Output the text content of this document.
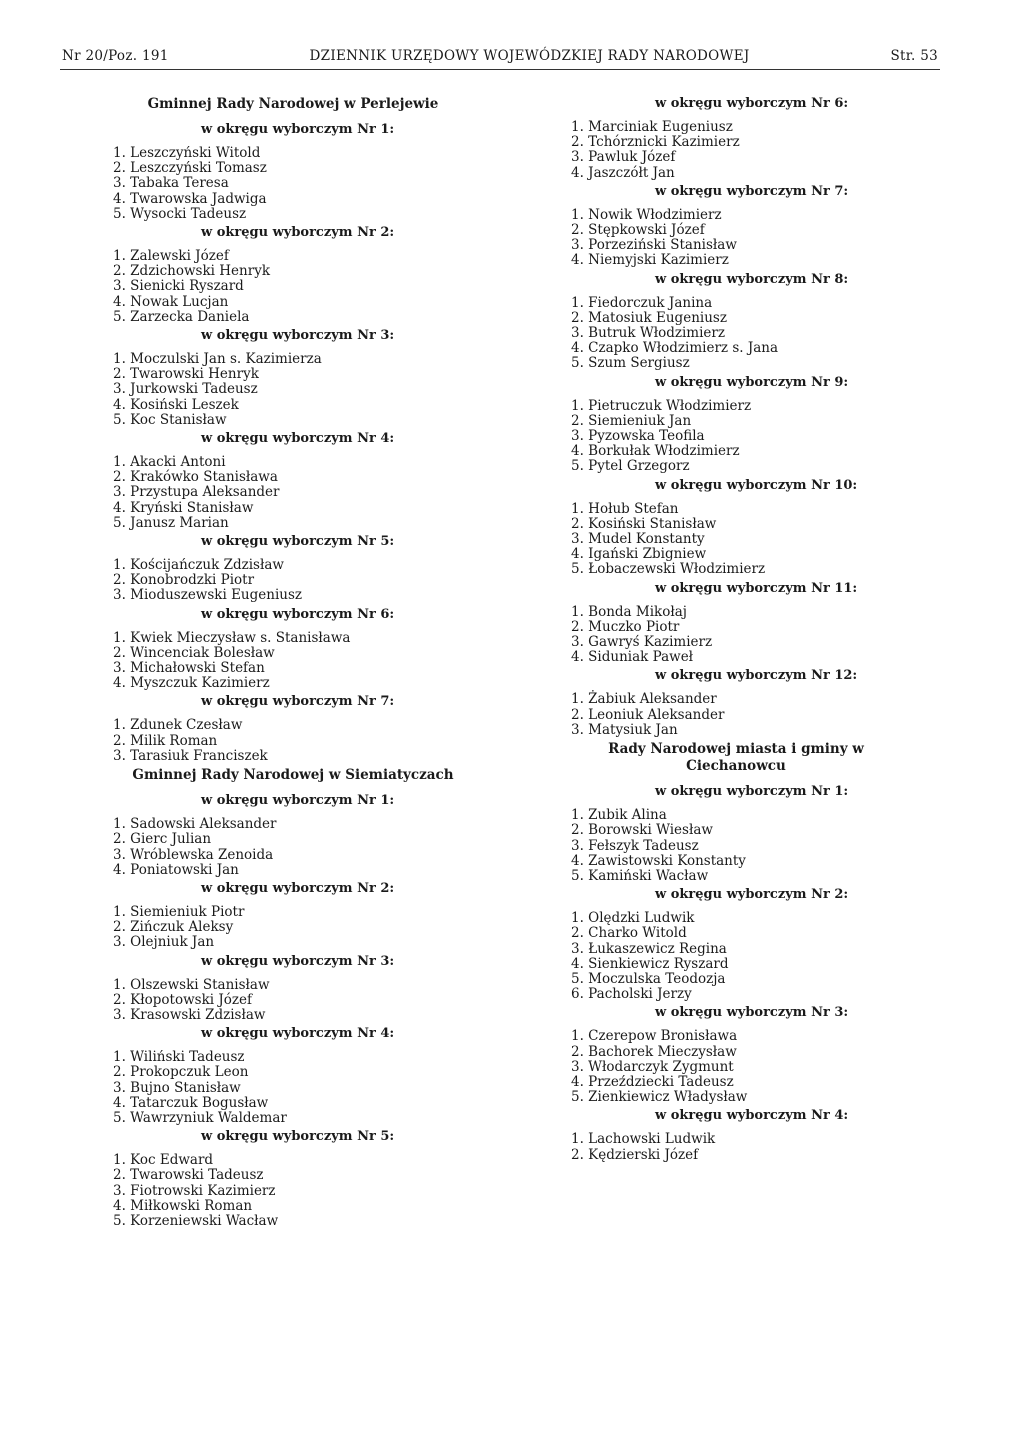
Nr 20/Poz. 191	DZIENNIK URZĘDOWY WOJEWÓDZKIEJ RADY NARODOWEJ	Str. 53
Gminnej Rady Narodowej w Perlejewie
w okręgu wyborczym Nr 1:
1. Leszczyński Witold
2. Leszczyński Tomasz
3. Tabaka Teresa
4. Twarowska Jadwiga
5. Wysocki Tadeusz
w okręgu wyborczym Nr 2:
1. Zalewski Józef
2. Zdzichowski Henryk
3. Sienicki Ryszard
4. Nowak Lucjan
5. Zarzecka Daniela
w okręgu wyborczym Nr 3:
1. Moczulski Jan s. Kazimierza
2. Twarowski Henryk
3. Jurkowski Tadeusz
4. Kosiński Leszek
5. Koc Stanisław
w okręgu wyborczym Nr 4:
1. Akacki Antoni
2. Krakówko Stanisława
3. Przystupa Aleksander
4. Kryński Stanisław
5. Janusz Marian
w okręgu wyborczym Nr 5:
1. Kościjańczuk Zdzisław
2. Konobrodzki Piotr
3. Mioduszewski Eugeniusz
w okręgu wyborczym Nr 6:
1. Kwiek Mieczysław s. Stanisława
2. Wincenciak Bolesław
3. Michałowski Stefan
4. Myszczuk Kazimierz
w okręgu wyborczym Nr 7:
1. Zdunek Czesław
2. Milik Roman
3. Tarasiuk Franciszek
Gminnej Rady Narodowej w Siemiatyczach
w okręgu wyborczym Nr 1:
1. Sadowski Aleksander
2. Gierc Julian
3. Wróblewska Zenoida
4. Poniatowski Jan
w okręgu wyborczym Nr 2:
1. Siemieniuk Piotr
2. Zińczuk Aleksy
3. Olejniuk Jan
w okręgu wyborczym Nr 3:
1. Olszewski Stanisław
2. Kłopotowski Józef
3. Krasowski Zdzisław
w okręgu wyborczym Nr 4:
1. Wiliński Tadeusz
2. Prokopczuk Leon
3. Bujno Stanisław
4. Tatarczuk Bogusław
5. Wawrzyniuk Waldemar
w okręgu wyborczym Nr 5:
1. Koc Edward
2. Twarowski Tadeusz
3. Fiotrowski Kazimierz
4. Miłkowski Roman
5. Korzeniewski Wacław
w okręgu wyborczym Nr 6:
1. Marciniak Eugeniusz
2. Tchórznicki Kazimierz
3. Pawluk Józef
4. Jaszczółt Jan
w okręgu wyborczym Nr 7:
1. Nowik Włodzimierz
2. Stępkowski Józef
3. Porzeziński Stanisław
4. Niemyjski Kazimierz
w okręgu wyborczym Nr 8:
1. Fiedorczuk Janina
2. Matosiuk Eugeniusz
3. Butruk Włodzimierz
4. Czapko Włodzimierz s. Jana
5. Szum Sergiusz
w okręgu wyborczym Nr 9:
1. Pietruczuk Włodzimierz
2. Siemieniuk Jan
3. Pyzowska Teofila
4. Borkułak Włodzimierz
5. Pytel Grzegorz
w okręgu wyborczym Nr 10:
1. Hołub Stefan
2. Kosiński Stanisław
3. Mudel Konstanty
4. Igański Zbigniew
5. Łobaczewski Włodzimierz
w okręgu wyborczym Nr 11:
1. Bonda Mikołaj
2. Muczko Piotr
3. Gawryś Kazimierz
4. Siduniak Paweł
w okręgu wyborczym Nr 12:
1. Żabiuk Aleksander
2. Leoniuk Aleksander
3. Matysiuk Jan
Rady Narodowej miasta i gminy w Ciechanowcu
w okręgu wyborczym Nr 1:
1. Zubik Alina
2. Borowski Wiesław
3. Fełszyk Tadeusz
4. Zawistowski Konstanty
5. Kamiński Wacław
w okręgu wyborczym Nr 2:
1. Olędzki Ludwik
2. Charko Witold
3. Łukaszewicz Regina
4. Sienkiewicz Ryszard
5. Moczulska Teodozja
6. Pacholski Jerzy
w okręgu wyborczym Nr 3:
1. Czerepow Bronisława
2. Bachorek Mieczysław
3. Włodarczyk Zygmunt
4. Przeździecki Tadeusz
5. Zienkiewicz Władysław
w okręgu wyborczym Nr 4:
1. Lachowski Ludwik
2. Kędzierski Józef
